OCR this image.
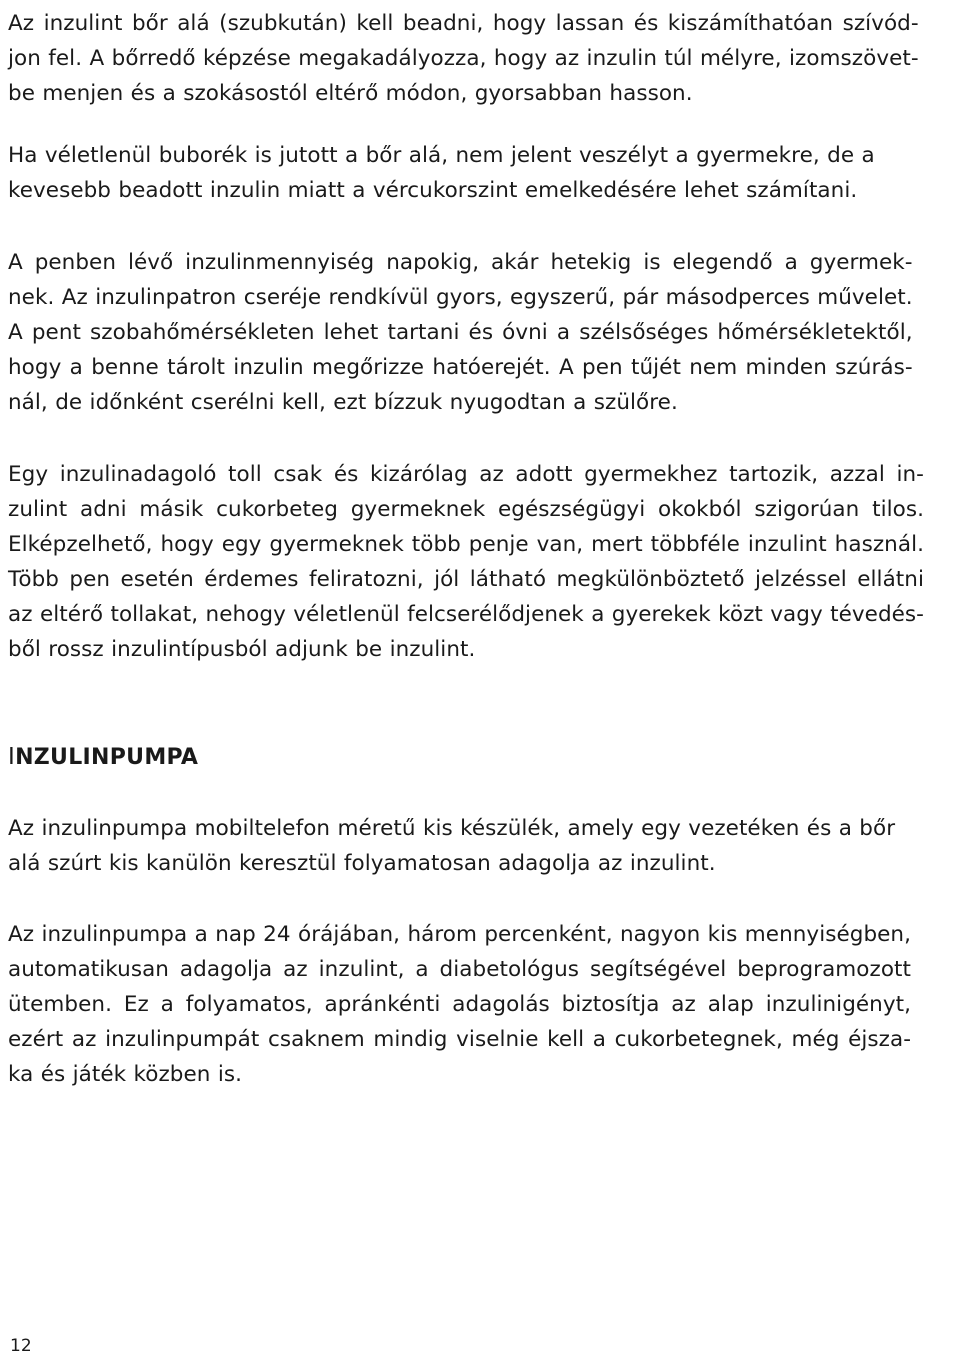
Az inzulint bőr alá (szubkután) kell beadni, hogy lassan és kiszámíthatóan szívód-
jon fel. A bőrredő képzése megakadályozza, hogy az inzulin túl mélyre, izomszövet-
be menjen és a szokásostól eltérő módon, gyorsabban hasson.
Ha véletlenül buborék is jutott a bőr alá, nem jelent veszélyt a gyermekre, de a
kevesebb beadott inzulin miatt a vércukorszint emelkedésére lehet számítani.
A penben lévő inzulinmennyiség napokig, akár hetekig is elegendő a gyermek-
nek. Az inzulinpatron cseréje rendkívül gyors, egyszerű, pár másodperces művelet.
A pent szobahőmérsékleten lehet tartani és óvni a szélsőséges hőmérsékletektől,
hogy a benne tárolt inzulin megőrizze hatóerejét. A pen tűjét nem minden szúrás-
nál, de időnként cserélni kell, ezt bízzuk nyugodtan a szülőre.
Egy inzulinadagoló toll csak és kizárólag az adott gyermekhez tartozik, azzal in-
zulint adni másik cukorbeteg gyermeknek egészségügyi okokból szigorúan tilos.
Elképzelhető, hogy egy gyermeknek több penje van, mert többféle inzulint használ.
Több pen esetén érdemes feliratozni, jól látható megkülönböztető jelzéssel ellátni
az eltérő tollakat, nehogy véletlenül felcserélődjenek a gyerekek közt vagy tévedés-
ből rossz inzulintípusból adjunk be inzulint.
INZULINPUMPA
Az inzulinpumpa mobiltelefon méretű kis készülék, amely egy vezetéken és a bőr
alá szúrt kis kanülön keresztül folyamatosan adagolja az inzulint.
Az inzulinpumpa a nap 24 órájában, három percenként, nagyon kis mennyiségben,
automatikusan adagolja az inzulint, a diabetológus segítségével beprogramozott
ütemben. Ez a folyamatos, apránkénti adagolás biztosítja az alap inzulinigényt,
ezért az inzulinpumpát csaknem mindig viselnie kell a cukorbetegnek, még éjsza-
ka és játék közben is.
12
